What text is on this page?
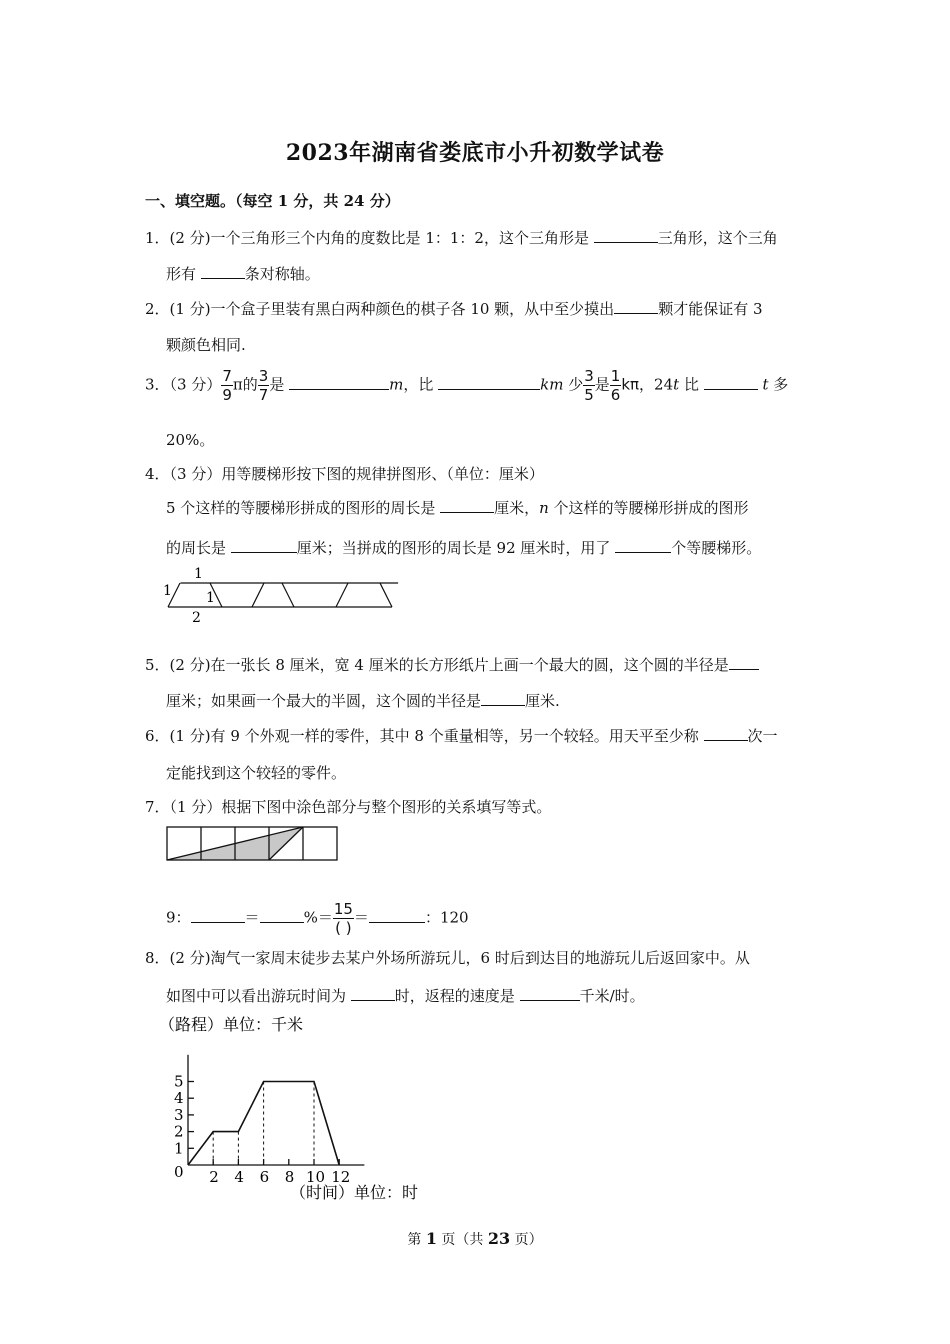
2023年湖南省娄底市小升初数学试卷
一、填空题。（每空 1 分，共 24 分）
1．(2 分)一个三角形三个内角的度数比是 1：1：2，这个三角形是	三角形，这个三角
形有	条对称轴。
2．(1 分)一个盒子里装有黑白两种颜色的棋子各 10 颗，从中至少摸出	颗才能保证有 3
颗颜色相同.
3．（3 分） $\frac{7}{9}$ π的 $\frac{3}{7}$ 是	m，比	km 少 $\frac{3}{5}$ 是 $\frac{1}{6}$ kπ，24t 比	t 多
20%。
4．（3 分）用等腰梯形按下图的规律拼图形、（单位：厘米）
5 个这样的等腰梯形拼成的图形的周长是	厘米，n 个这样的等腰梯形拼成的图形
的周长是	厘米；当拼成的图形的周长是 92 厘米时，用了	个等腰梯形。
1
1 1
2
5．(2 分)在一张长 8 厘米，宽 4 厘米的长方形纸片上画一个最大的圆，这个圆的半径是
厘米；如果画一个最大的半圆，这个圆的半径是	厘米.
6．(1 分)有 9 个外观一样的零件，其中 8 个重量相等，另一个较轻。用天平至少称	次一
定能找到这个较轻的零件。
7．（1 分）根据下图中涂色部分与整个图形的关系填写等式。
9：	＝	%＝ $\frac{15}{( )}$ ＝	：120
8．(2 分)淘气一家周末徒步去某户外场所游玩儿，6 时后到达目的地游玩儿后返回家中。从
如图中可以看出游玩时间为	时，返程的速度是	千米/时。
（路程）单位：千米
（时间）单位：时
1
2
3
4
5
2 4 6 8 10 12
0
第 1 页（共 23 页）
